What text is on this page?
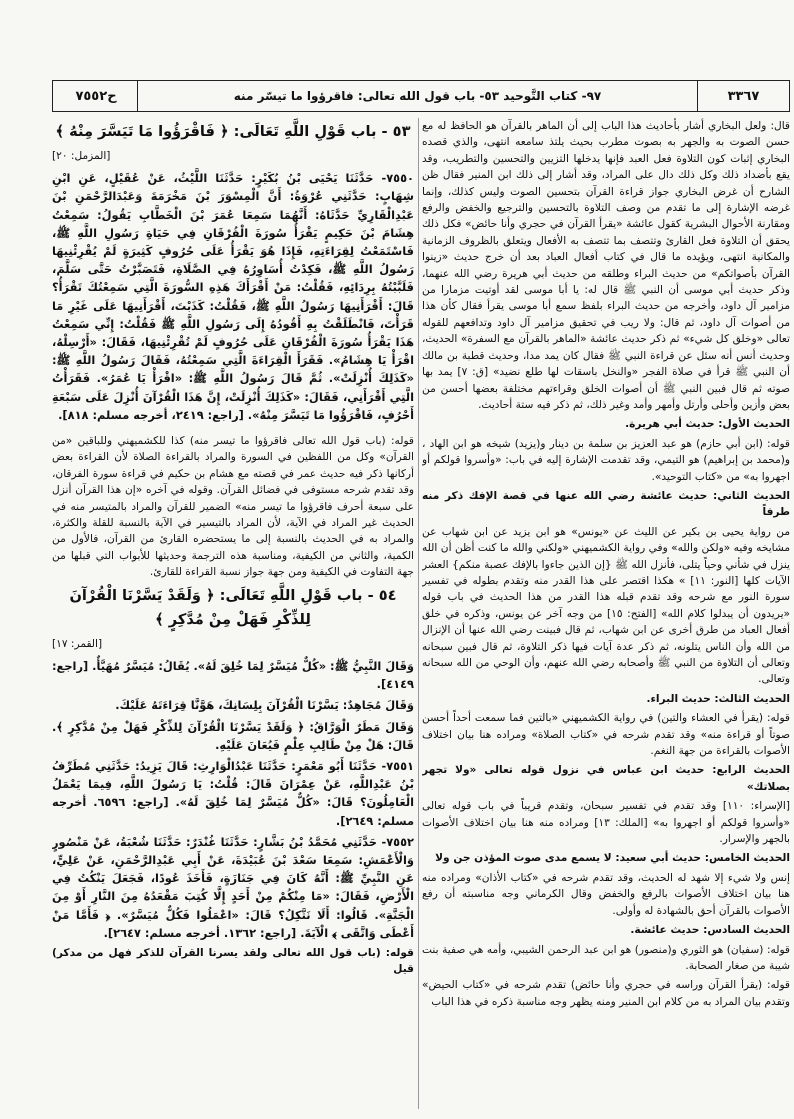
٣٣٦٧
٩٧- كتاب التَّوحيد ٥٣- باب قول الله تعالى: فاقرؤوا ما تيسّر منه
ح٧٥٥٢

قال: ولعل البخاري أشار بأحاديث هذا الباب إلى أن الماهر بالقرآن هو الحافظ له مع حسن الصوت به والجهر به بصوت مطرب بحيث يلتذ سامعه انتهى، والذي قصده البخاري إثبات كون التلاوة فعل العبد فإنها يدخلها التزيين والتحسين والتطريب، وقد يقع بأضداد ذلك وكل ذلك دال على المراد، وقد أشار إلى ذلك ابن المنير فقال ظن الشارح أن غرض البخاري جواز قراءة القرآن بتحسين الصوت وليس كذلك، وإنما غرضه الإشارة إلى ما تقدم من وصف التلاوة بالتحسين والترجيع والخفض والرفع ومقارنة الأحوال البشرية كقول عائشة «يقرأ القرآن في حجري وأنا حائض» فكل ذلك يحقق أن التلاوة فعل القارئ وتتصف بما تتصف به الأفعال ويتعلق بالظروف الزمانية والمكانية انتهى، ويؤيده ما قال في كتاب أفعال العباد بعد أن خرج حديث «زينوا القرآن بأصواتكم» من حديث البراء وطلقه من حديث أبي هريرة رضي الله عنهما، وذكر حديث أبي موسى أن النبي ﷺ قال له: يا أبا موسى لقد أوتيت مزمارا من مزامير آل داود، وأخرجه من حديث البراء بلفظ سمع أبا موسى يقرأ فقال كأن هذا من أصوات آل داود، ثم قال: ولا ريب في تحقيق مزامير آل داود وتدافعهم للقوله تعالى «وخلق كل شيء» ثم ذكر حديث عائشة «الماهر بالقرآن مع السفرة» الحديث، وحديث أنس أنه سئل عن قراءة النبي ﷺ فقال كان يمد مدا، وحديث قطبة بن مالك أن النبي ﷺ قرأ في صلاة الفجر «والنخل باسقات لها طلع نضيد» [ق: ٧] يمد بها صوته ثم قال فبين النبي ﷺ أن أصوات الخلق وقراءتهم مختلفة بعضها أحسن من بعض وأزين وأحلى وأرتل وأمهر وأمد وغير ذلك، ثم ذكر فيه ستة أحاديث.

الحديث الأول: حديث أبي هريرة.

قوله: (ابن أبي حازم) هو عبد العزيز بن سلمة بن دينار و(يزيد) شيخه هو ابن الهاد ، و(محمد بن إبراهيم) هو التيمي، وقد تقدمت الإشارة إليه في باب: «وأسروا قولكم أو اجهروا به» من «كتاب التوحيد».

الحديث الثاني: حديث عائشة رضي الله عنها في قصة الإفك ذكر منه طرفاً

من رواية يحيى بن بكير عن الليث عن «يونس» هو ابن يزيد عن ابن شهاب عن مشايخه وفيه «ولكن والله» وفي رواية الكشميهني «ولكني والله ما كنت أظن أن الله ينزل في شأني وحياً يتلى، فأنزل الله ﷺ {إن الذين جاءوا بالإفك عصبة منكم} العشر الآيات كلها [النور: ١١] » هكذا اقتصر على هذا القدر منه وتقدم بطوله في تفسير سورة النور مع شرحه وقد تقدم قبله هذا القدر من هذا الحديث في باب قوله «يريدون أن يبدلوا كلام الله» [الفتح: ١٥] من وجه آخر عن يونس، وذكره في خلق أفعال العباد من طرق أخرى عن ابن شهاب، ثم قال فبينت رضي الله عنها أن الإنزال من الله وأن الناس يتلونه، ثم ذكر عدة آيات فيها ذكر التلاوة، ثم قال فبين سبحانه وتعالى أن التلاوة من النبي ﷺ وأصحابه رضي الله عنهم، وأن الوحي من الله سبحانه وتعالى.

الحديث الثالث: حديث البراء.

قوله: (يقرأ في العشاء والتين) في رواية الكشميهني «بالتين فما سمعت أحداً أحسن صوتاً أو قراءة منه» وقد تقدم شرحه في «كتاب الصلاة» ومراده هنا بيان اختلاف الأصوات بالقراءة من جهة النغم.

الحديث الرابع: حديث ابن عباس في نزول قوله تعالى «ولا تجهر بصلاتك»

[الإسراء: ١١٠] وقد تقدم في تفسير سبحان، وتقدم قريباً في باب قوله تعالى «وأسروا قولكم أو اجهروا به» [الملك: ١٣] ومراده منه هنا بيان اختلاف الأصوات بالجهر والإسرار.

الحديث الخامس: حديث أبي سعيد: لا يسمع مدى صوت المؤذن جن ولا

إنس ولا شيء إلا شهد له الحديث، وقد تقدم شرحه في «كتاب الأذان» ومراده منه هنا بيان اختلاف الأصوات بالرفع والخفض وقال الكرماني وجه مناسبته أن رفع الأصوات بالقرآن أحق بالشهادة له وأولى.

الحديث السادس: حديث عائشة.

قوله: (سفيان) هو الثوري و(منصور) هو ابن عبد الرحمن الشيبي، وأمه هي صفية بنت شيبة من صغار الصحابة.

قوله: (يقرأ القرآن وراسه في حجري وأنا حائض) تقدم شرحه في «كتاب الحيض» وتقدم بيان المراد به من كلام ابن المنير ومنه يظهر وجه مناسبة ذكره في هذا الباب

٥٣ - باب قَوْلِ اللَّهِ تَعَالَى: ﴿ فَاقْرَؤُوا مَا تَيَسَّرَ مِنْهُ ﴾
[المزمل: ٢٠]

٧٥٥٠- حَدَّثَنَا يَحْيَى بْنُ بُكَيْرٍ: حَدَّثَنَا اللَّيْثُ، عَنْ عُقَيْلٍ، عَنِ ابْنِ شِهَابٍ: حَدَّثَنِي عُرْوَةُ: أَنَّ الْمِسْوَرَ بْنَ مَخْرَمَةَ وَعَبْدَالرَّحْمَنِ بْنَ عَبْدِالْقَارِيِّ حَدَّثَاهُ: أَنَّهُمَا سَمِعَا عُمَرَ بْنَ الْخَطَّابِ يَقُولُ: سَمِعْتُ هِشَامَ بْنَ حَكِيمٍ يَقْرَأُ سُورَةَ الْفُرْقَانِ فِي حَيَاةِ رَسُولِ اللَّهِ ﷺ، فَاسْتَمَعْتُ لِقِرَاءَتِهِ، فَإِذَا هُوَ يَقْرَأُ عَلَى حُرُوفٍ كَثِيرَةٍ لَمْ يُقْرِئْنِيهَا رَسُولُ اللَّهِ ﷺ، فَكِدْتُ أُسَاوِرُهُ فِي الصَّلَاةِ، فَتَصَبَّرْتُ حَتَّى سَلَّمَ، فَلَبَّبْتُهُ بِرِدَائِهِ، فَقُلْتُ: مَنْ أَقْرَأَكَ هَذِهِ السُّورَةَ الَّتِي سَمِعْتُكَ تَقْرَأُ؟ قَالَ: أَقْرَأَنِيهَا رَسُولُ اللَّهِ ﷺ، فَقُلْتُ: كَذَبْتَ، أَقْرَأَنِيهَا عَلَى غَيْرِ مَا قَرَأْتَ، فَانْطَلَقْتُ بِهِ أَقُودُهُ إِلَى رَسُولِ اللَّهِ ﷺ فَقُلْتُ: إِنِّي سَمِعْتُ هَذَا يَقْرَأُ سُورَةَ الْفُرْقَانِ عَلَى حُرُوفٍ لَمْ تُقْرِئْنِيهَا، فَقَالَ: «أَرْسِلْهُ، اقْرَأْ يَا هِشَامُ». فَقَرَأَ الْقِرَاءَةَ الَّتِي سَمِعْتُهُ، فَقَالَ رَسُولُ اللَّهِ ﷺ: «كَذَلِكَ أُنْزِلَتْ». ثُمَّ قَالَ رَسُولُ اللَّهِ ﷺ: «اقْرَأْ يَا عُمَرُ». فَقَرَأْتُ الَّتِي أَقْرَأَنِي، فَقَالَ: «كَذَلِكَ أُنْزِلَتْ، إِنَّ هَذَا الْقُرْآنَ أُنْزِلَ عَلَى سَبْعَةِ أَحْرُفٍ، فَاقْرَؤُوا مَا تَيَسَّرَ مِنْهُ». [راجع: ٢٤١٩، أخرجه مسلم: ٨١٨].

قوله: (باب قول الله تعالى فاقرؤوا ما تيسر منه) كذا للكشميهني وللباقين «من القرآن» وكل من اللفظين في السورة والمراد بالقراءة الصلاة لأن القراءة بعض أركانها ذكر فيه حديث عمر في قصته مع هشام بن حكيم في قراءة سورة الفرقان، وقد تقدم شرحه مستوفى في فضائل القرآن. وقوله في آخره «إن هذا القرآن أنزل على سبعة أحرف فاقرؤوا ما تيسر منه» الضمير للقرآن والمراد بالمتيسر منه في الحديث غير المراد في الآية، لأن المراد بالتيسير في الآية بالنسبة للقلة والكثرة، والمراد به في الحديث بالنسبة إلى ما يستحضره القارئ من القرآن، فالأول من الكمية، والثاني من الكيفية، ومناسبة هذه الترجمة وحديثها للأبواب التي قبلها من جهة التفاوت في الكيفية ومن جهة جواز نسبة القراءة للقارئ.

٥٤ - باب قَوْلِ اللَّهِ تَعَالَى: ﴿ وَلَقَدْ يَسَّرْنَا الْقُرْآنَ لِلذِّكْرِ فَهَلْ مِنْ مُدَّكِرٍ ﴾
[القمر: ١٧]

وَقَالَ النَّبِيُّ ﷺ: «كُلٌّ مُيَسَّرٌ لِمَا خُلِقَ لَهُ». يُقَالُ: مُيَسَّرٌ مُهَيَّأٌ. [راجع: ٤١٤٩].

وَقَالَ مُجَاهِدٌ: يَسَّرْنَا الْقُرْآنَ بِلِسَانِكَ، هَوَّنَّا قِرَاءَتَهُ عَلَيْكَ.

وَقَالَ مَطَرٌ الْوَرَّاقُ: ﴿ وَلَقَدْ يَسَّرْنَا الْقُرْآنَ لِلذِّكْرِ فَهَلْ مِنْ مُدَّكِرٍ ﴾. قَالَ: هَلْ مِنْ طَالِبِ عِلْمٍ فَيُعَانَ عَلَيْهِ.

٧٥٥١- حَدَّثَنَا أَبُو مَعْمَرٍ: حَدَّثَنَا عَبْدُالْوَارِثِ: قَالَ يَزِيدُ: حَدَّثَنِي مُطَرِّفُ بْنُ عَبْدِاللَّهِ، عَنْ عِمْرَانَ قَالَ: قُلْتُ: يَا رَسُولَ اللَّهِ، فِيمَا يَعْمَلُ الْعَامِلُونَ؟ قَالَ: «كُلٌّ مُيَسَّرٌ لِمَا خُلِقَ لَهُ». [راجع: ٦٥٩٦. أخرجه مسلم: ٢٦٤٩].

٧٥٥٢- حَدَّثَنِي مُحَمَّدُ بْنُ بَشَّارٍ: حَدَّثَنَا غُنْدَرٌ: حَدَّثَنَا شُعْبَةُ، عَنْ مَنْصُورٍ وَالْأَعْمَشِ: سَمِعَا سَعْدَ بْنَ عُبَيْدَةَ، عَنْ أَبِي عَبْدِالرَّحْمَنِ، عَنْ عَلِيٍّ، عَنِ النَّبِيِّ ﷺ: أَنَّهُ كَانَ فِي جَنَازَةٍ، فَأَخَذَ عُودًا، فَجَعَلَ يَنْكُتُ فِي الْأَرْضِ، فَقَالَ: «مَا مِنْكُمْ مِنْ أَحَدٍ إِلَّا كُتِبَ مَقْعَدُهُ مِنَ النَّارِ أَوْ مِنَ الْجَنَّةِ». قَالُوا: أَلَا نَتَّكِلُ؟ قَالَ: «اعْمَلُوا فَكُلٌّ مُيَسَّرٌ». ﴿ فَأَمَّا مَنْ أَعْطَى وَاتَّقَى ﴾ الْآيَةَ. [راجع: ١٣٦٢. أخرجه مسلم: ٢٦٤٧].

قوله: (باب قول الله تعالى ولقد يسرنا القرآن للذكر فهل من مدكر) قيل
